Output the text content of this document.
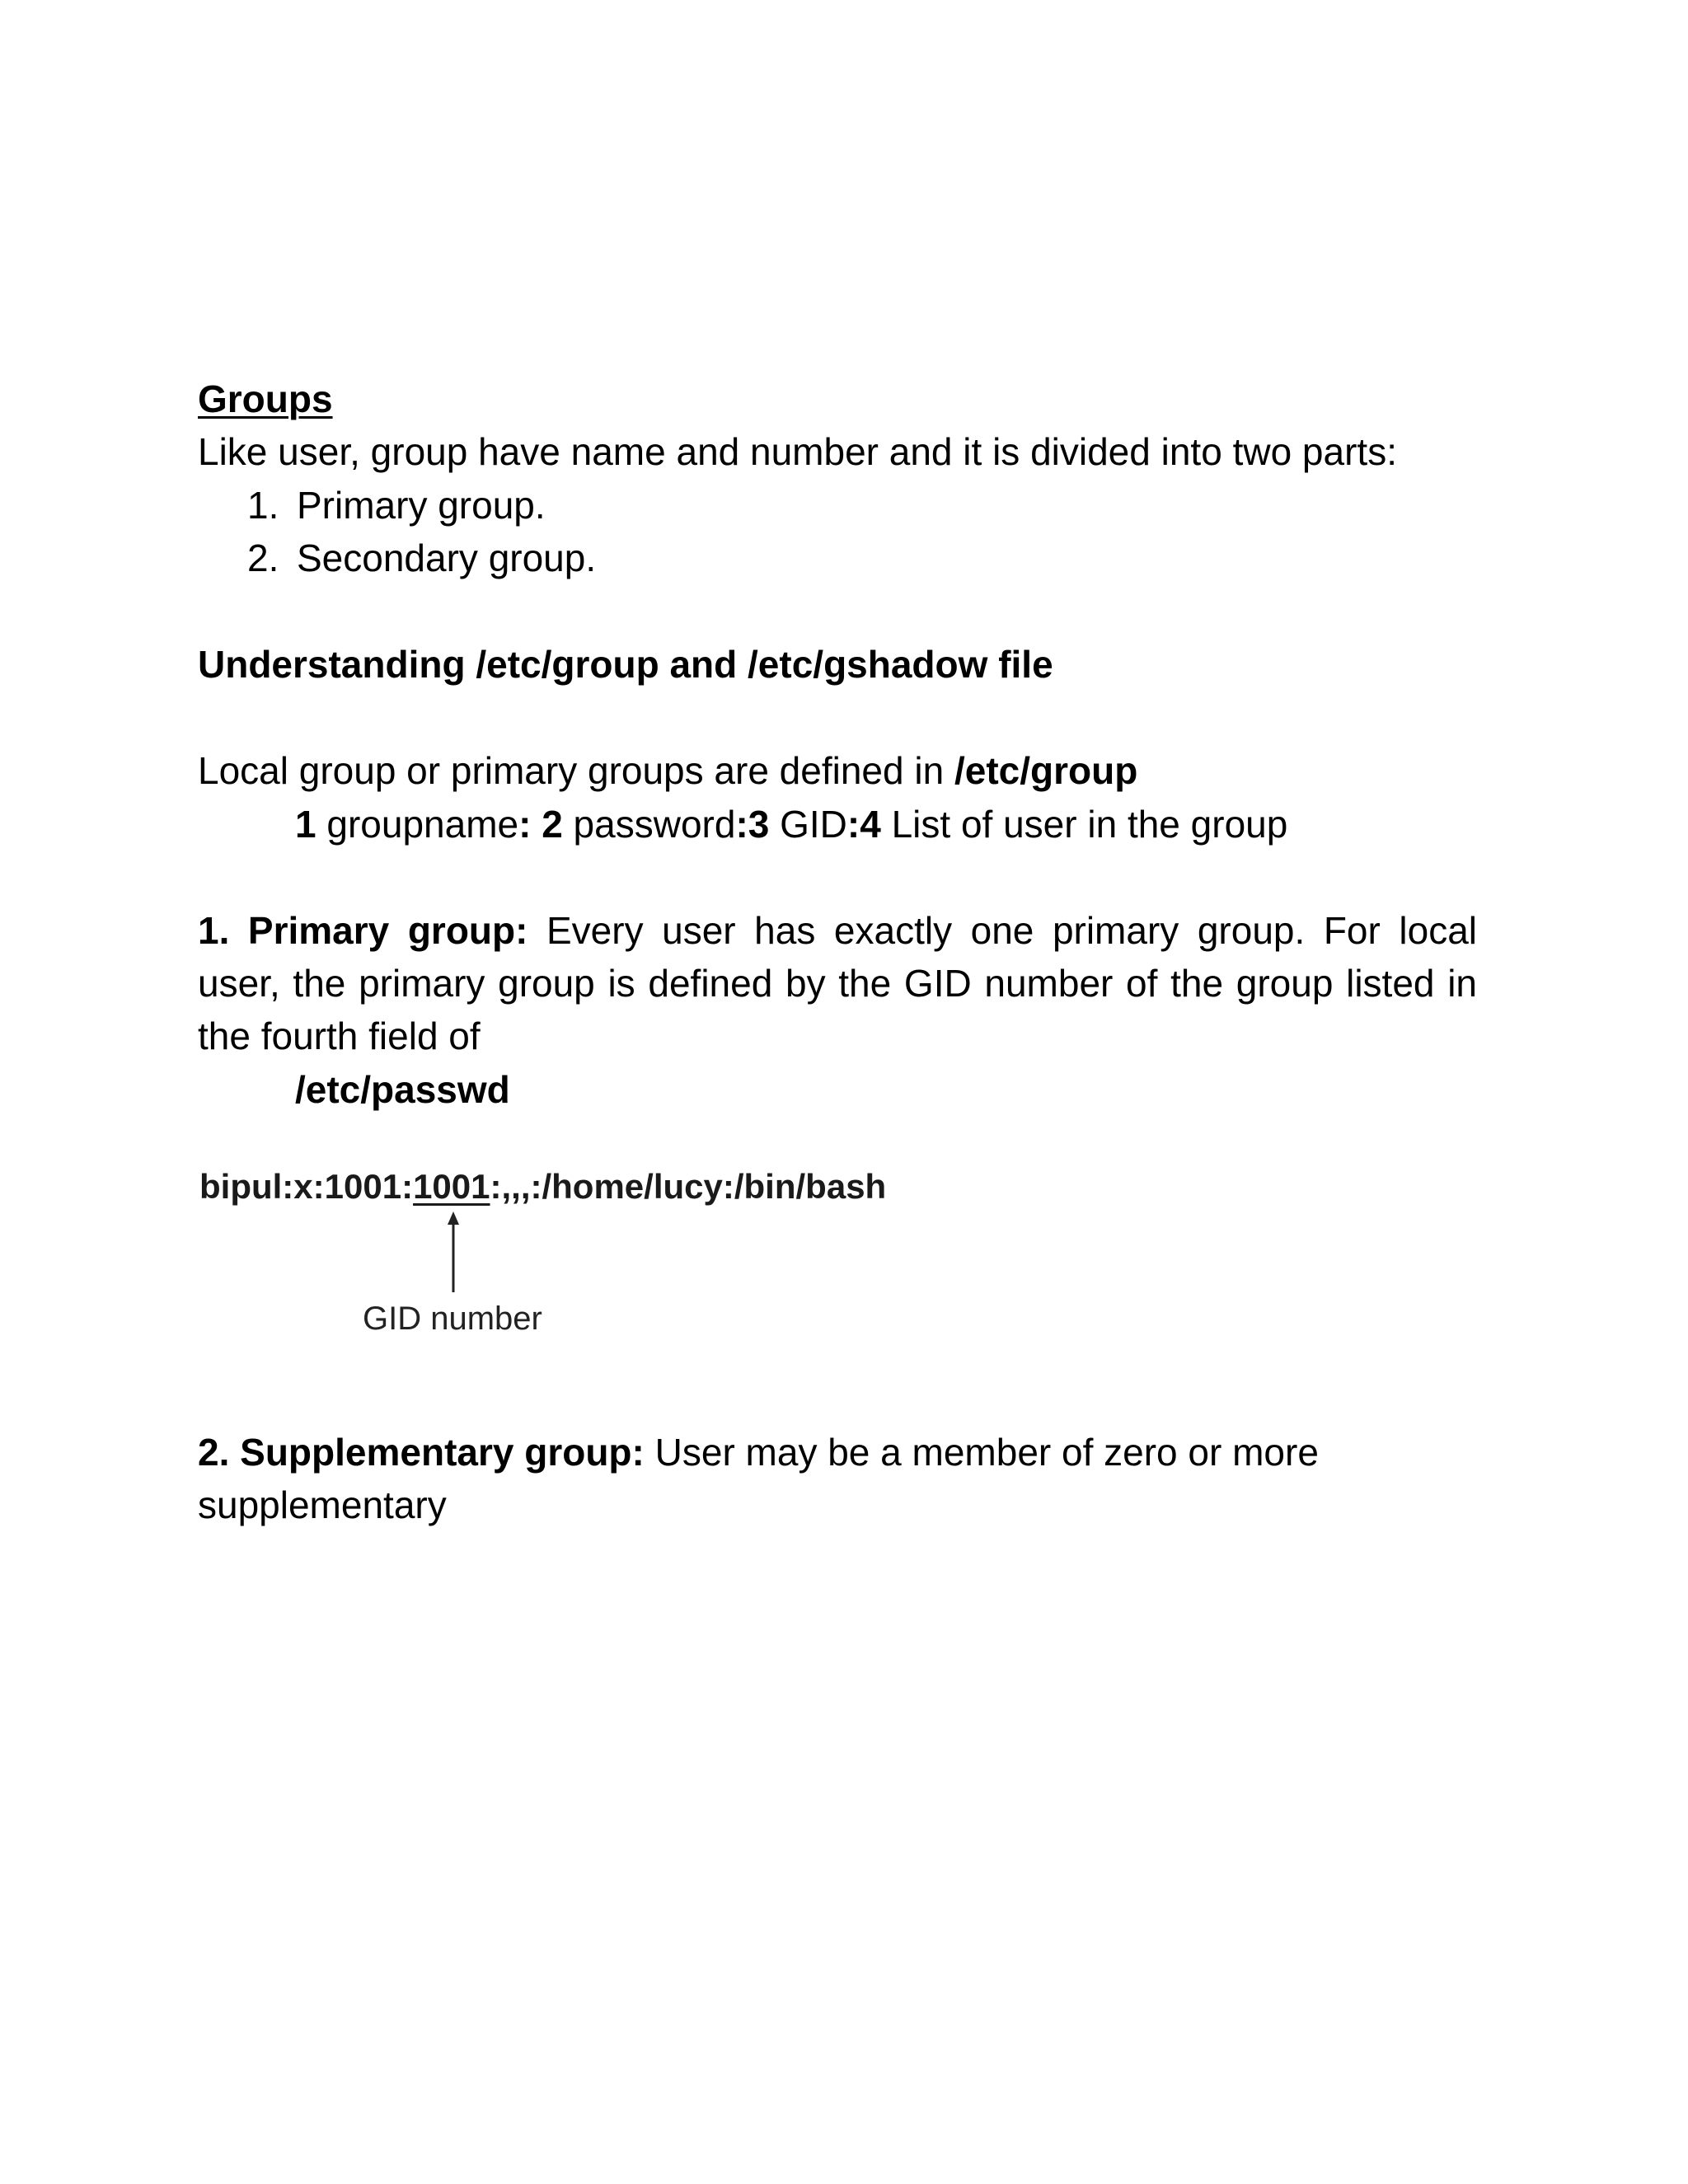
Groups
Like user, group have name and number and it is divided into two parts:
1. Primary group.
2. Secondary group.
Understanding /etc/group and /etc/gshadow file
Local group or primary groups are defined in /etc/group
1 groupname: 2 password:3 GID:4 List of user in the group
1. Primary group: Every user has exactly one primary group. For local user, the primary group is defined by the GID number of the group listed in the fourth field of
/etc/passwd
bipul:x:1001:1001:,,,:/home/lucy:/bin/bash
GID number
2. Supplementary group: User may be a member of zero or more
supplementary
